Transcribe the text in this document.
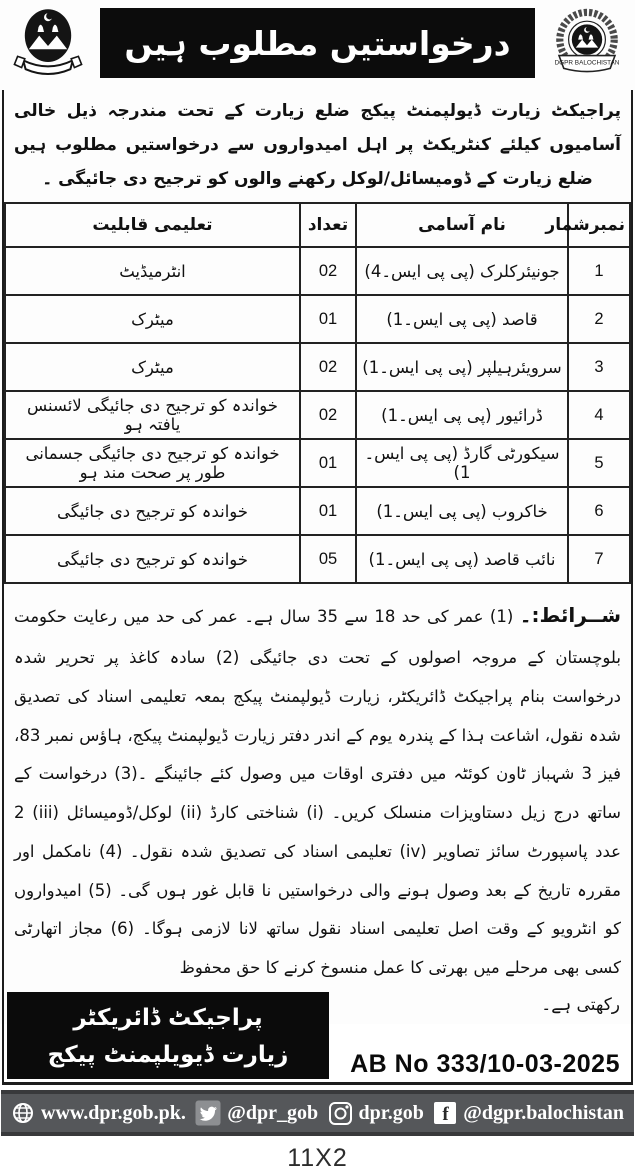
درخواستیں مطلوب ہیں
DGPR BALOCHISTAN
پراجیکٹ زیارت ڈیولپمنٹ پیکج ضلع زیارت کے تحت مندرجہ ذیل خالی آسامیوں کیلئے کنٹریکٹ پر اہل امیدواروں سے درخواستیں مطلوب ہیں ضلع زیارت کے ڈومیسائل/لوکل رکھنے والوں کو ترجیح دی جائیگی ۔
نمبرشمار	نام آسامی	تعداد	تعلیمی قابلیت
1	جونیئرکلرک (پی پی ایس۔4)	02	انٹرمیڈیٹ
2	قاصد (پی پی ایس۔1)	01	میٹرک
3	سرویئرہیلپر (پی پی ایس۔1)	02	میٹرک
4	ڈرائیور (پی پی ایس۔1)	02	خواندہ کو ترجیح دی جائیگی لائسنس یافتہ ہو
5	سیکورٹی گارڈ (پی پی ایس۔1)	01	خواندہ کو ترجیح دی جائیگی جسمانی طور پر صحت مند ہو
6	خاکروب (پی پی ایس۔1)	01	خواندہ کو ترجیح دی جائیگی
7	نائب قاصد (پی پی ایس۔1)	05	خواندہ کو ترجیح دی جائیگی
شــرائط:۔ (1) عمر کی حد 18 سے 35 سال ہے۔ عمر کی حد میں رعایت حکومت بلوچستان کے مروجہ اصولوں کے تحت دی جائیگی (2) سادہ کاغذ پر تحریر شدہ درخواست بنام پراجیکٹ ڈائریکٹر، زیارت ڈیولپمنٹ پیکج بمعہ تعلیمی اسناد کی تصدیق شدہ نقول، اشاعت ہذا کے پندرہ یوم کے اندر دفتر زیارت ڈیولپمنٹ پیکج، ہاؤس نمبر 83، فیز 3 شہباز ٹاون کوئٹہ میں دفتری اوقات میں وصول کئے جائینگے ۔(3) درخواست کے ساتھ درج زیل دستاویزات منسلک کریں۔ (i) شناختی کارڈ (ii) لوکل/ڈومیسائل (iii) 2 عدد پاسپورٹ سائز تصاویر (iv) تعلیمی اسناد کی تصدیق شدہ نقول۔ (4) نامکمل اور مقررہ تاریخ کے بعد وصول ہونے والی درخواستیں نا قابل غور ہوں گی۔ (5) امیدواروں کو انٹرویو کے وقت اصل تعلیمی اسناد نقول ساتھ لانا لازمی ہوگا۔ (6) مجاز اتھارٹی کسی بھی مرحلے میں بھرتی کا عمل منسوخ کرنے کا حق محفوظ
پراجیکٹ ڈائریکٹر
زیارت ڈیویلپمنٹ پیکج
رکھتی ہے۔
AB No 333/10-03-2025
www.dpr.gob.pk. @dpr_gob dpr.gob f @dgpr.balochistan
11X2
